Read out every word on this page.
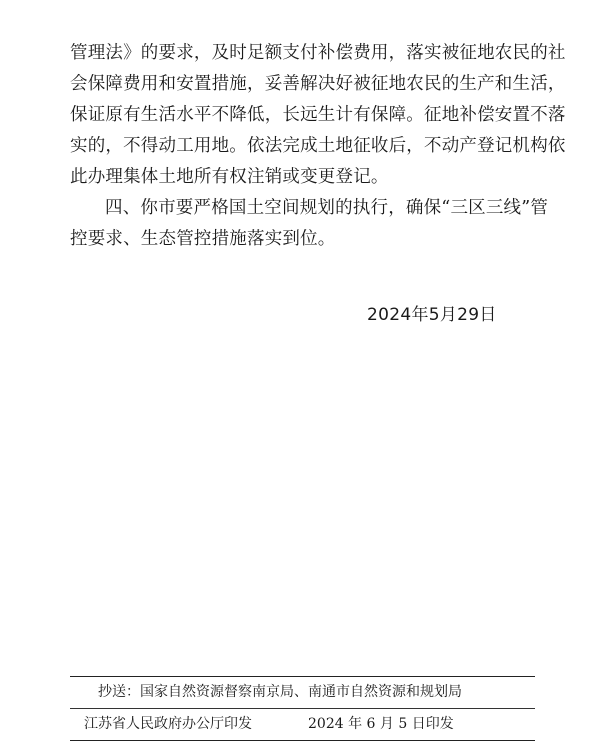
管理法》的要求，及时足额支付补偿费用，落实被征地农民的社
会保障费用和安置措施，妥善解决好被征地农民的生产和生活，
保证原有生活水平不降低，长远生计有保障。征地补偿安置不落
实的，不得动工用地。依法完成土地征收后，不动产登记机构依
此办理集体土地所有权注销或变更登记。

四、你市要严格国土空间规划的执行，确保“三区三线”管
控要求、生态管控措施落实到位。

2024年5月29日
抄送：国家自然资源督察南京局、南通市自然资源和规划局
江苏省人民政府办公厅印发	2024 年 6 月 5 日印发
